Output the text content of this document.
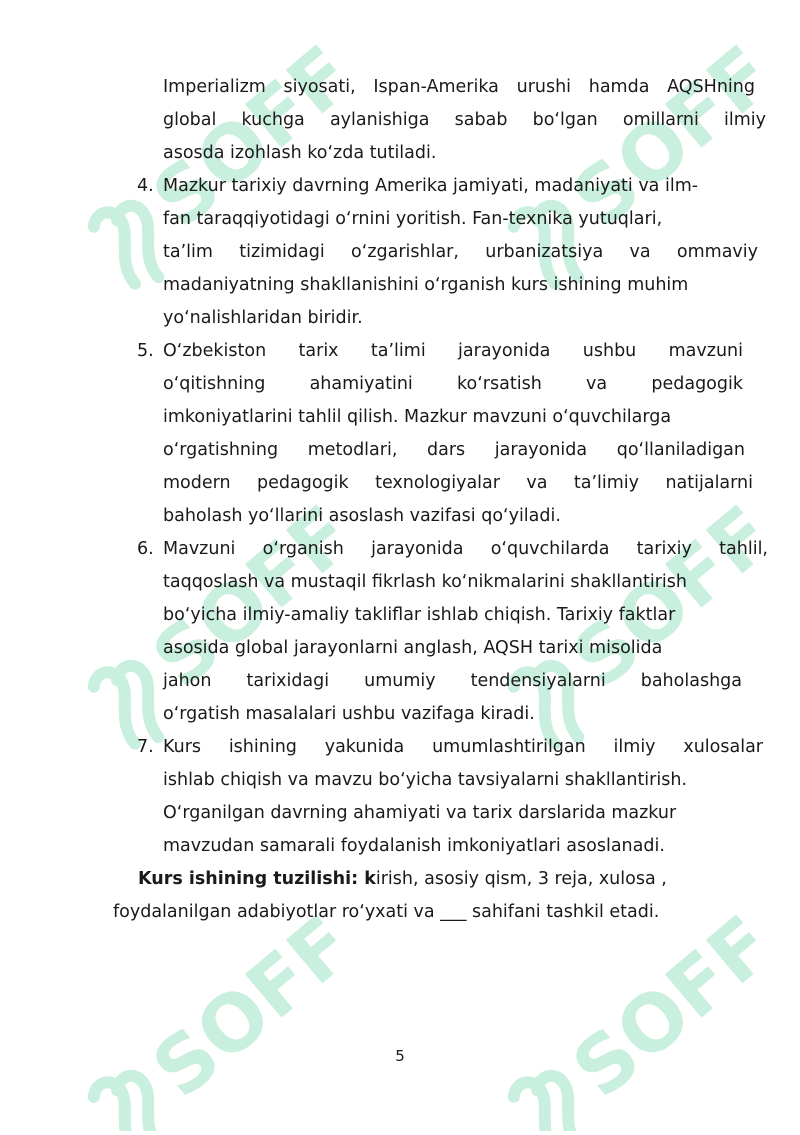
SOFF
Imperializm siyosati, Ispan-Amerika urushi hamda AQSHning
global kuchga aylanishiga sabab bo‘lgan omillarni ilmiy
asosda izohlash ko‘zda tutiladi.
4. Mazkur tarixiy davrning Amerika jamiyati, madaniyati va ilm-
fan taraqqiyotidagi o‘rnini yoritish. Fan-texnika yutuqlari,
ta’lim tizimidagi o‘zgarishlar, urbanizatsiya va ommaviy
madaniyatning shakllanishini o‘rganish kurs ishining muhim
yo‘nalishlaridan biridir.
5. O‘zbekiston tarix ta’limi jarayonida ushbu mavzuni
o‘qitishning ahamiyatini ko‘rsatish va pedagogik
imkoniyatlarini tahlil qilish. Mazkur mavzuni o‘quvchilarga
o‘rgatishning metodlari, dars jarayonida qo‘llaniladigan
modern pedagogik texnologiyalar va ta’limiy natijalarni
baholash yo‘llarini asoslash vazifasi qo‘yiladi.
6. Mavzuni o‘rganish jarayonida o‘quvchilarda tarixiy tahlil,
taqqoslash va mustaqil fikrlash ko‘nikmalarini shakllantirish
bo‘yicha ilmiy-amaliy takliflar ishlab chiqish. Tarixiy faktlar
asosida global jarayonlarni anglash, AQSH tarixi misolida
jahon tarixidagi umumiy tendensiyalarni baholashga
o‘rgatish masalalari ushbu vazifaga kiradi.
7. Kurs ishining yakunida umumlashtirilgan ilmiy xulosalar
ishlab chiqish va mavzu bo‘yicha tavsiyalarni shakllantirish.
O‘rganilgan davrning ahamiyati va tarix darslarida mazkur
mavzudan samarali foydalanish imkoniyatlari asoslanadi.
Kurs ishining tuzilishi: kirish, asosiy qism, 3 reja, xulosa ,
foydalanilgan adabiyotlar ro‘yxati va ___ sahifani tashkil etadi.
5
